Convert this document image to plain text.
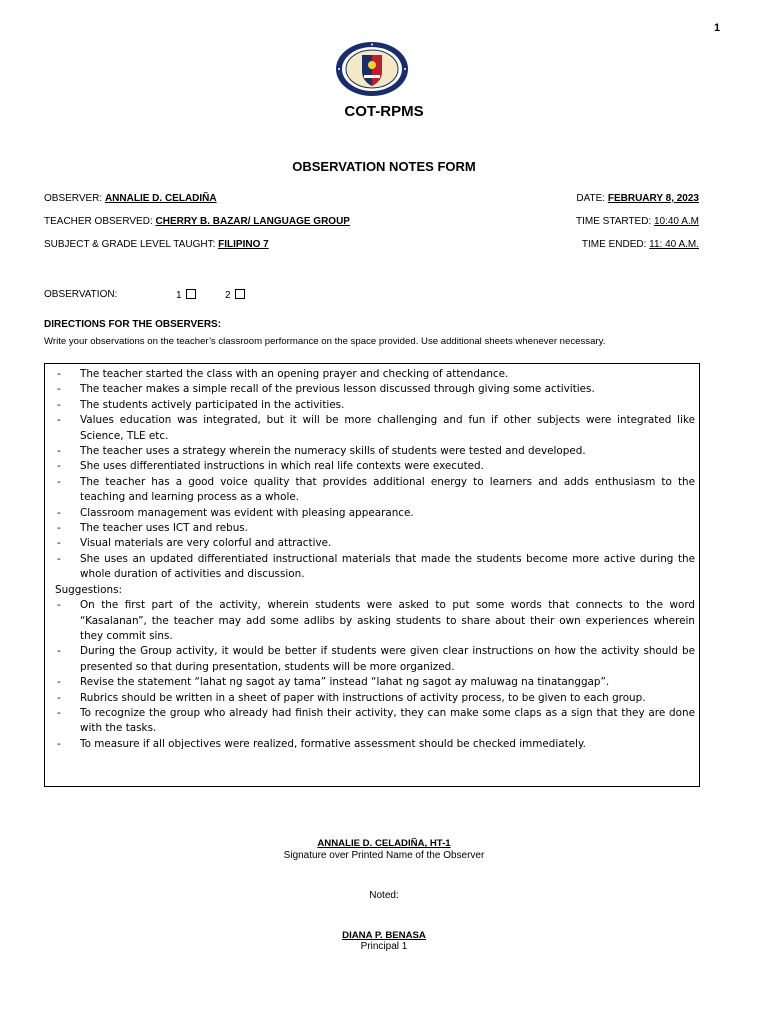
1
COT-RPMS
OBSERVATION NOTES FORM
OBSERVER: ANNALIE D. CELADIÑA	DATE: FEBRUARY 8, 2023
TEACHER OBSERVED: CHERRY B. BAZAR/ LANGUAGE GROUP	TIME STARTED: 10:40 A.M
SUBJECT & GRADE LEVEL TAUGHT: FILIPINO 7	TIME ENDED: 11: 40 A.M.
OBSERVATION:	1	2
DIRECTIONS FOR THE OBSERVERS:
Write your observations on the teacher’s classroom performance on the space provided. Use additional sheets whenever necessary.
- The teacher started the class with an opening prayer and checking of attendance.
- The teacher makes a simple recall of the previous lesson discussed through giving some activities.
- The students actively participated in the activities.
- Values education was integrated, but it will be more challenging and fun if other subjects were integrated like Science, TLE etc.
- The teacher uses a strategy wherein the numeracy skills of students were tested and developed.
- She uses differentiated instructions in which real life contexts were executed.
- The teacher has a good voice quality that provides additional energy to learners and adds enthusiasm to the teaching and learning process as a whole.
- Classroom management was evident with pleasing appearance.
- The teacher uses ICT and rebus.
- Visual materials are very colorful and attractive.
- She uses an updated differentiated instructional materials that made the students become more active during the whole duration of activities and discussion.
Suggestions:
- On the first part of the activity, wherein students were asked to put some words that connects to the word “Kasalanan”, the teacher may add some adlibs by asking students to share about their own experiences wherein they commit sins.
- During the Group activity, it would be better if students were given clear instructions on how the activity should be presented so that during presentation, students will be more organized.
- Revise the statement “lahat ng sagot ay tama” instead “lahat ng sagot ay maluwag na tinatanggap”.
- Rubrics should be written in a sheet of paper with instructions of activity process, to be given to each group.
- To recognize the group who already had finish their activity, they can make some claps as a sign that they are done with the tasks.
- To measure if all objectives were realized, formative assessment should be checked immediately.
ANNALIE D. CELADIÑA, HT-1
Signature over Printed Name of the Observer
Noted:
DIANA P. BENASA
Principal 1
